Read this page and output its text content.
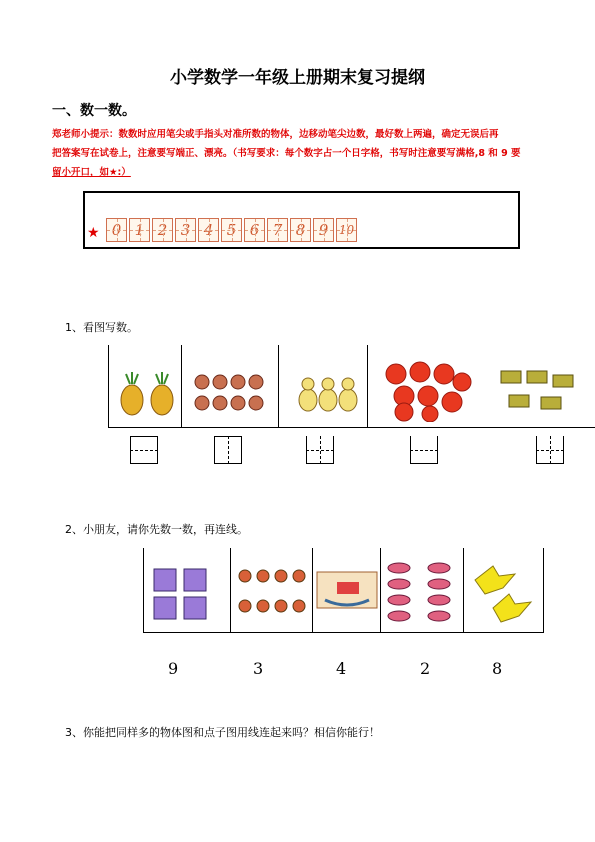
小学数学一年级上册期末复习提纲
一、数一数。
郑老师小提示：数数时应用笔尖或手指头对准所数的物体，边移动笔尖边数，最好数上两遍，确定无误后再
把答案写在试卷上，注意要写端正、漂亮。（书写要求：每个数字占一个日字格，书写时注意要写满格,8 和 9 要
留小开口，如★:）
★ 0 1 2 3 4 5 6 7 8 9 10
1、看图写数。
2、小朋友，请你先数一数，再连线。
9	3	4	2	8
3、你能把同样多的物体图和点子图用线连起来吗？相信你能行！
